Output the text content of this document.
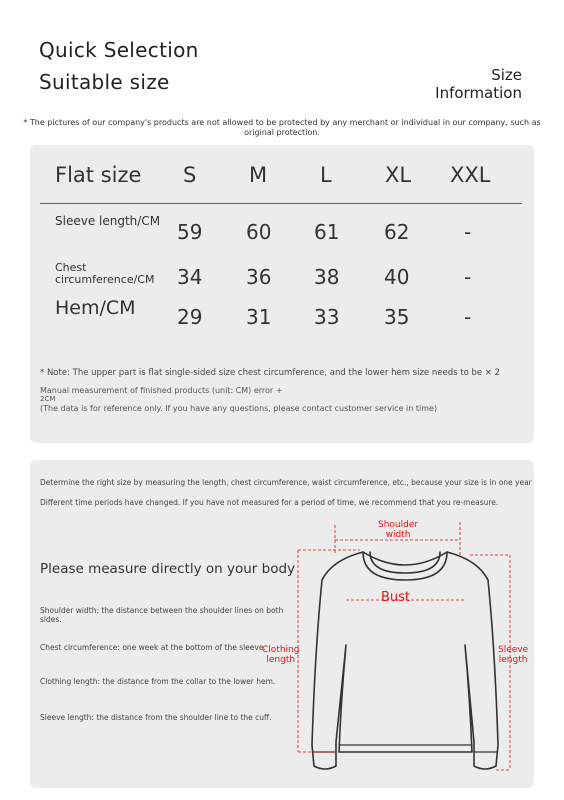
Quick Selection
Suitable size	Size
Information
* The pictures of our company's products are not allowed to be protected by any merchant or individual in our company, such as
original protection.
Flat size S	M	L	XL XXL
Sleeve length/CM 59 60 61 62	-
Chest
circumference/CM 34 36 38 40	-
Hem/CM 29 31 33 35	-
* Note: The upper part is flat single-sided size chest circumference, and the lower hem size needs to be × 2
Manual measurement of finished products (unit: CM) error +
2CM
(The data is for reference only. If you have any questions, please contact customer service in time)
Determine the right size by measuring the length, chest circumference, waist circumference, etc., because your size is in one year
Different time periods have changed. If you have not measured for a period of time, we recommend that you re-measure.
Please measure directly on your body
Shoulder width: the distance between the shoulder lines on both sides.
Chest circumference: one week at the bottom of the sleeve.
Clothing length: the distance from the collar to the lower hem.
Sleeve length: the distance from the shoulder line to the cuff.
Shoulder
width
Bust
Clothing
length
Sleeve
length
